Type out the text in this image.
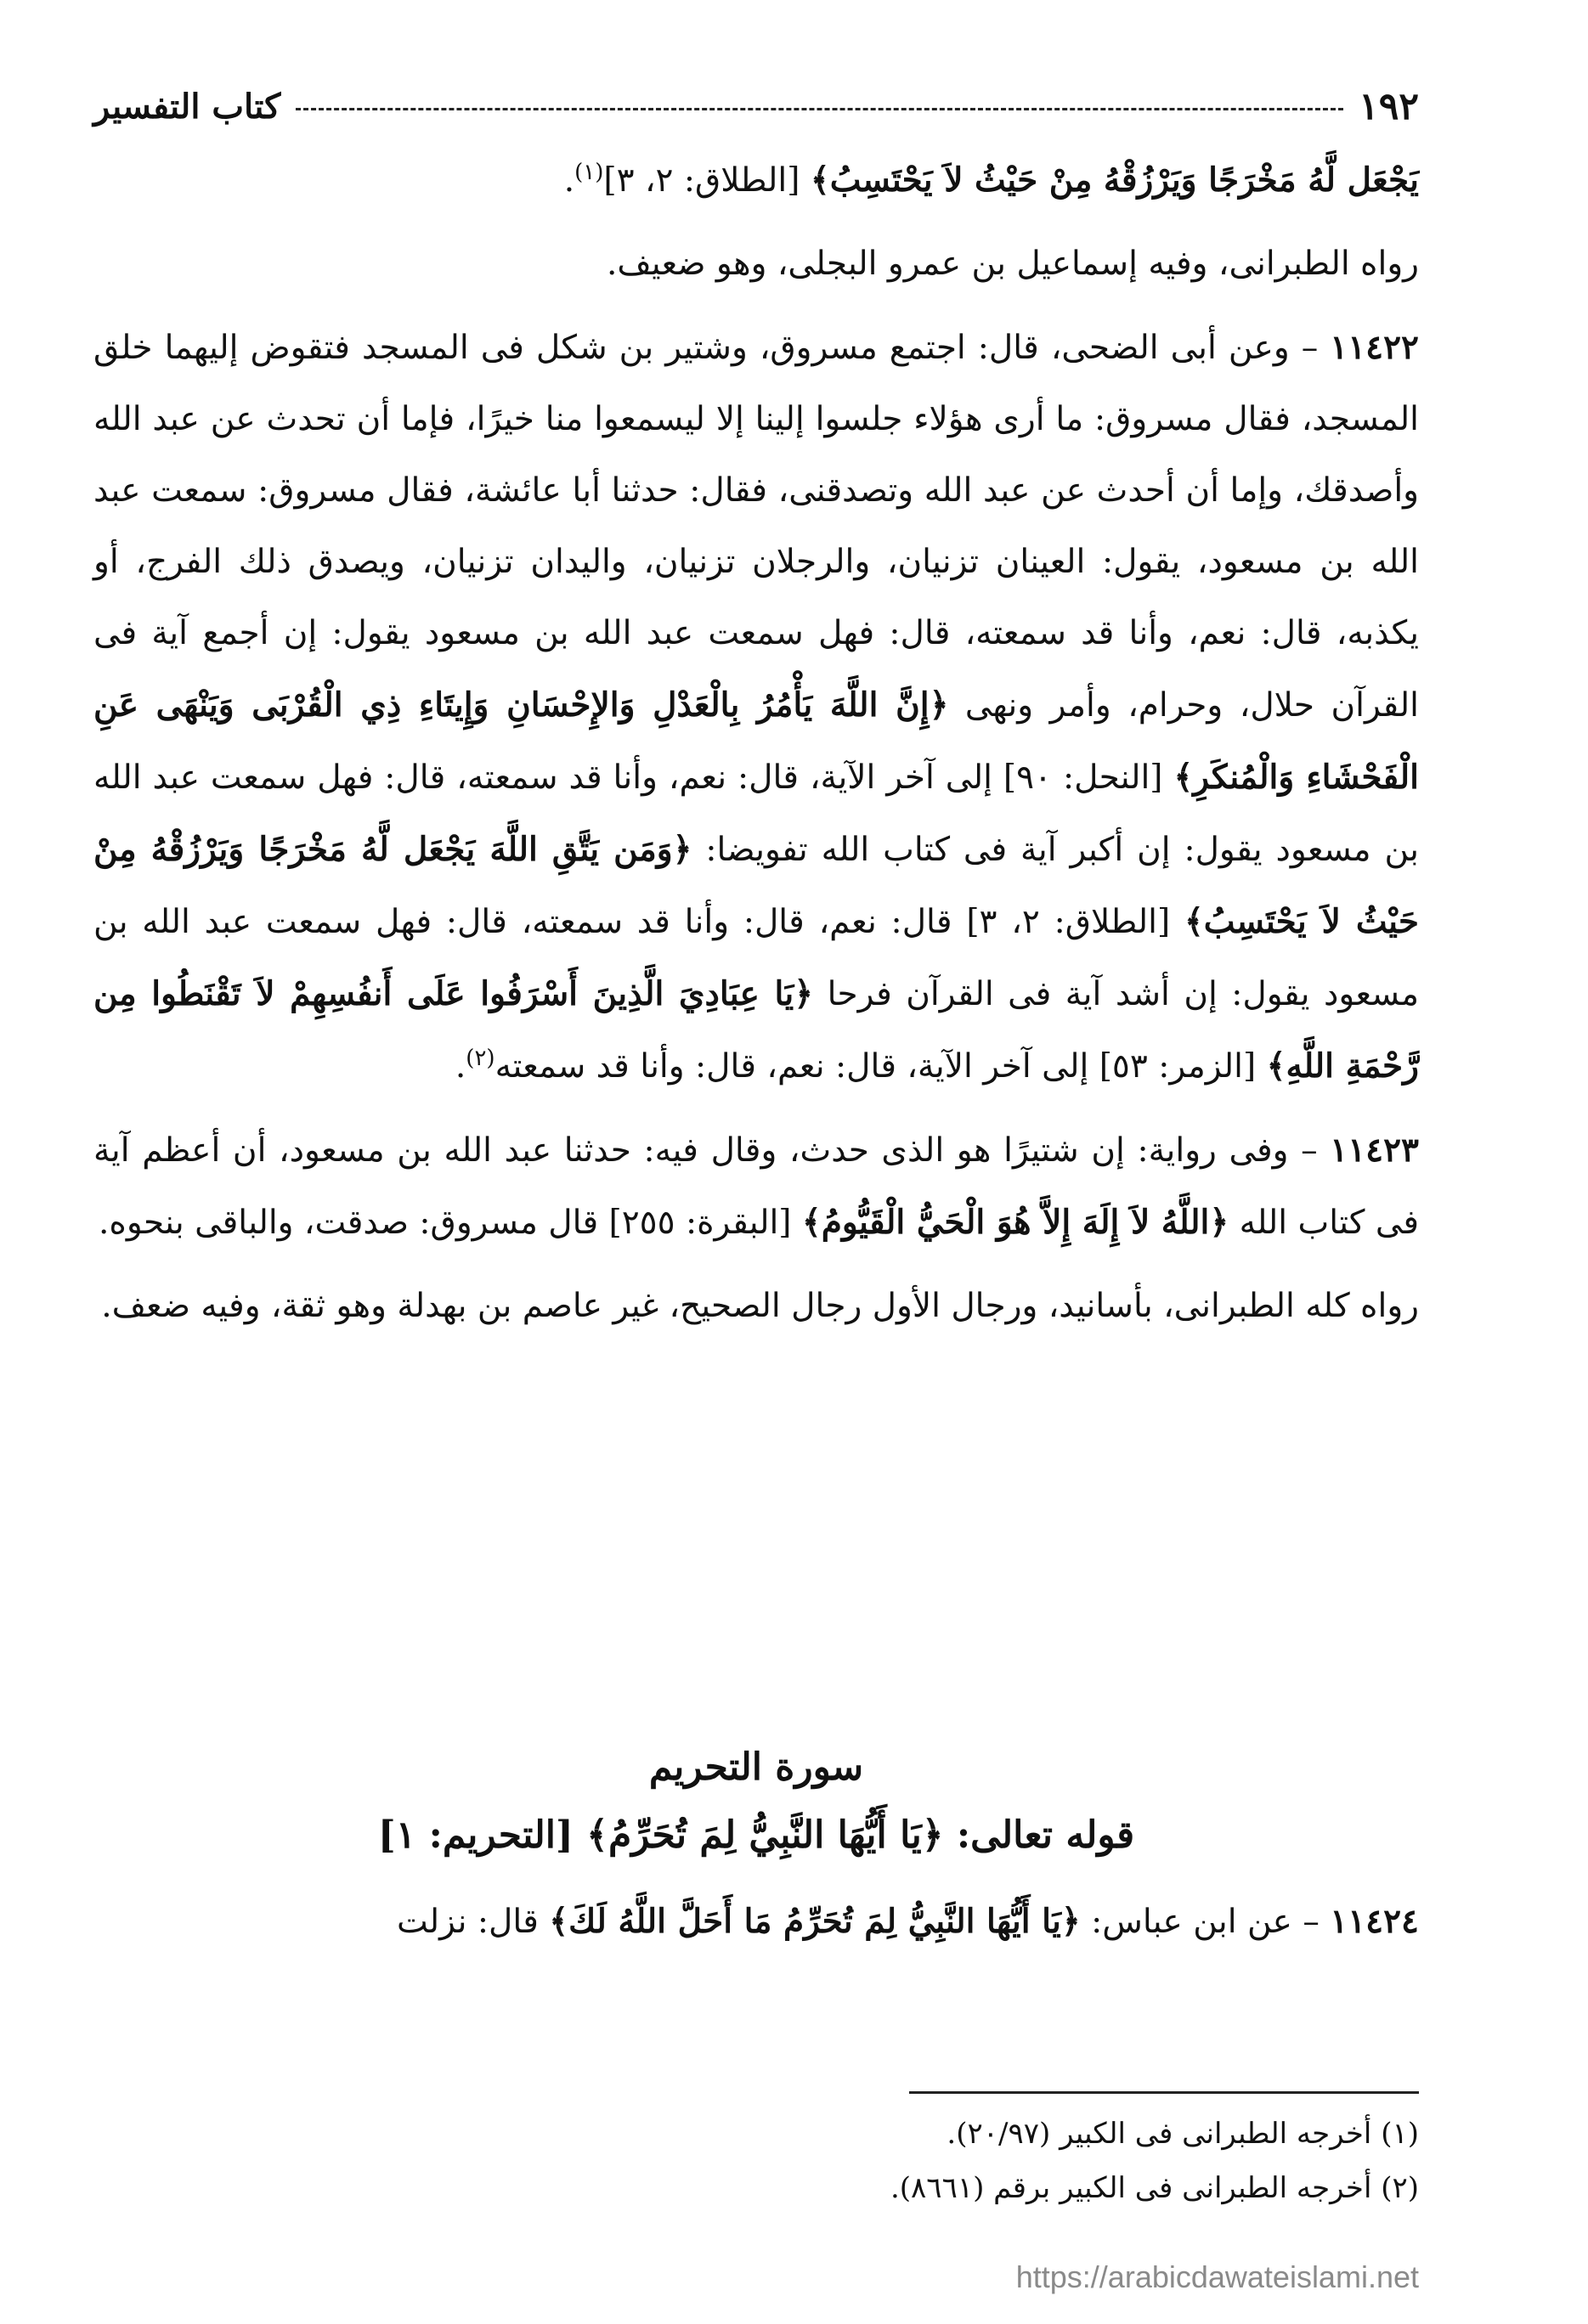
١٩٢
كتاب التفسير

يَجْعَل لَّهُ مَخْرَجًا وَيَرْزُقْهُ مِنْ حَيْثُ لاَ يَحْتَسِبُ﴾ [الطلاق: ٢، ٣]$^{(١)}$.

رواه الطبرانى، وفيه إسماعيل بن عمرو البجلى، وهو ضعيف.

١١٤٢٢ – وعن أبى الضحى، قال: اجتمع مسروق، وشتير بن شكل فى المسجد فتقوض إليهما خلق المسجد، فقال مسروق: ما أرى هؤلاء جلسوا إلينا إلا ليسمعوا منا خيرًا، فإما أن تحدث عن عبد الله وأصدقك، وإما أن أحدث عن عبد الله وتصدقنى، فقال: حدثنا أبا عائشة، فقال مسروق: سمعت عبد الله بن مسعود، يقول: العينان تزنيان، والرجلان تزنيان، واليدان تزنيان، ويصدق ذلك الفرج، أو يكذبه، قال: نعم، وأنا قد سمعته، قال: فهل سمعت عبد الله بن مسعود يقول: إن أجمع آية فى القرآن حلال، وحرام، وأمر ونهى ﴿إِنَّ اللَّهَ يَأْمُرُ بِالْعَدْلِ وَالإِحْسَانِ وَإِيتَاءِ ذِي الْقُرْبَى وَيَنْهَى عَنِ الْفَحْشَاءِ وَالْمُنكَرِ﴾ [النحل: ٩٠] إلى آخر الآية، قال: نعم، وأنا قد سمعته، قال: فهل سمعت عبد الله بن مسعود يقول: إن أكبر آية فى كتاب الله تفويضا: ﴿وَمَن يَتَّقِ اللَّهَ يَجْعَل لَّهُ مَخْرَجًا وَيَرْزُقْهُ مِنْ حَيْثُ لاَ يَحْتَسِبُ﴾ [الطلاق: ٢، ٣] قال: نعم، قال: وأنا قد سمعته، قال: فهل سمعت عبد الله بن مسعود يقول: إن أشد آية فى القرآن فرحا ﴿يَا عِبَادِيَ الَّذِينَ أَسْرَفُوا عَلَى أَنفُسِهِمْ لاَ تَقْنَطُوا مِن رَّحْمَةِ اللَّهِ﴾ [الزمر: ٥٣] إلى آخر الآية، قال: نعم، قال: وأنا قد سمعته$^{(٢)}$.

١١٤٢٣ – وفى رواية: إن شتيرًا هو الذى حدث، وقال فيه: حدثنا عبد الله بن مسعود، أن أعظم آية فى كتاب الله ﴿اللَّهُ لاَ إِلَهَ إِلاَّ هُوَ الْحَيُّ الْقَيُّومُ﴾ [البقرة: ٢٥٥] قال مسروق: صدقت، والباقى بنحوه.

رواه كله الطبرانى، بأسانيد، ورجال الأول رجال الصحيح، غير عاصم بن بهدلة وهو ثقة، وفيه ضعف.

سورة التحريم
قوله تعالى: ﴿يَا أَيُّهَا النَّبِيُّ لِمَ تُحَرِّمُ﴾ [التحريم: ١]
١١٤٢٤ – عن ابن عباس: ﴿يَا أَيُّهَا النَّبِيُّ لِمَ تُحَرِّمُ مَا أَحَلَّ اللَّهُ لَكَ﴾ قال: نزلت
(١) أخرجه الطبرانى فى الكبير (٢٠/٩٧).
(٢) أخرجه الطبرانى فى الكبير برقم (٨٦٦١).
https://arabicdawateislami.net
